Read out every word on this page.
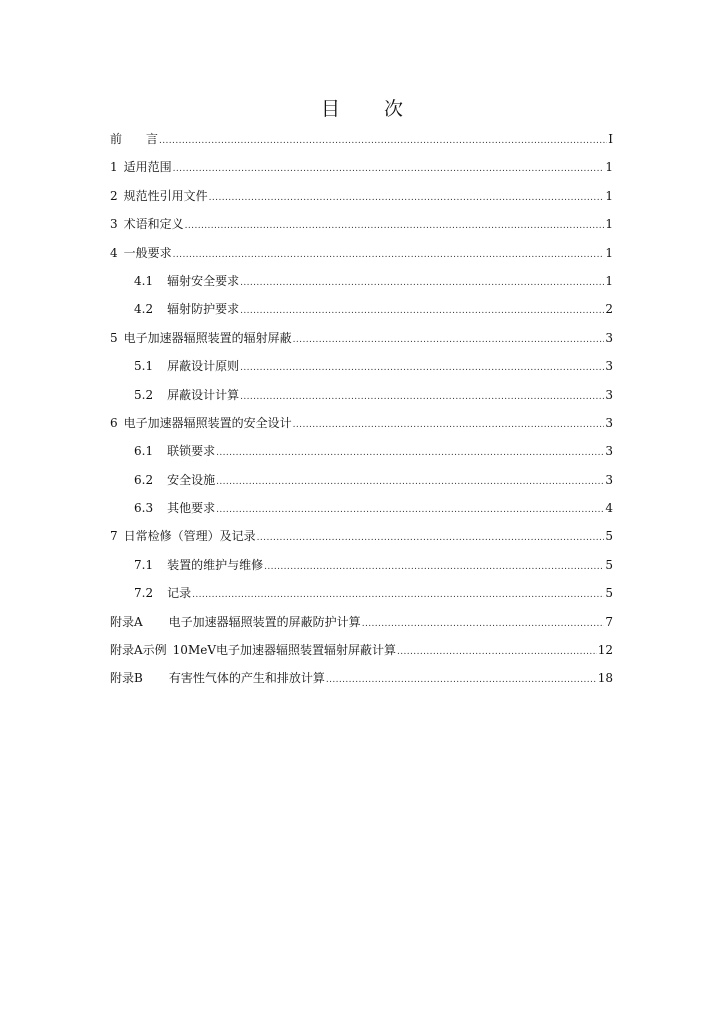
目 次
前　　言 .....	I
1 适用范围 .....	1
2 规范性引用文件 .....	1
3 术语和定义 .....	1
4 一般要求 .....	1
4.1 辐射安全要求 .....	1
4.2 辐射防护要求 .....	2
5 电子加速器辐照装置的辐射屏蔽 .....	3
5.1 屏蔽设计原则 .....	3
5.2 屏蔽设计计算 .....	3
6 电子加速器辐照装置的安全设计 .....	3
6.1 联锁要求 .....	3
6.2 安全设施 .....	3
6.3 其他要求 .....	4
7 日常检修（管理）及记录 .....	5
7.1 装置的维护与维修 .....	5
7.2 记录 .....	5
附录A 电子加速器辐照装置的屏蔽防护计算 .....	7
附录A示例 10MeV电子加速器辐照装置辐射屏蔽计算 .....	12
附录B 有害性气体的产生和排放计算 .....	18
